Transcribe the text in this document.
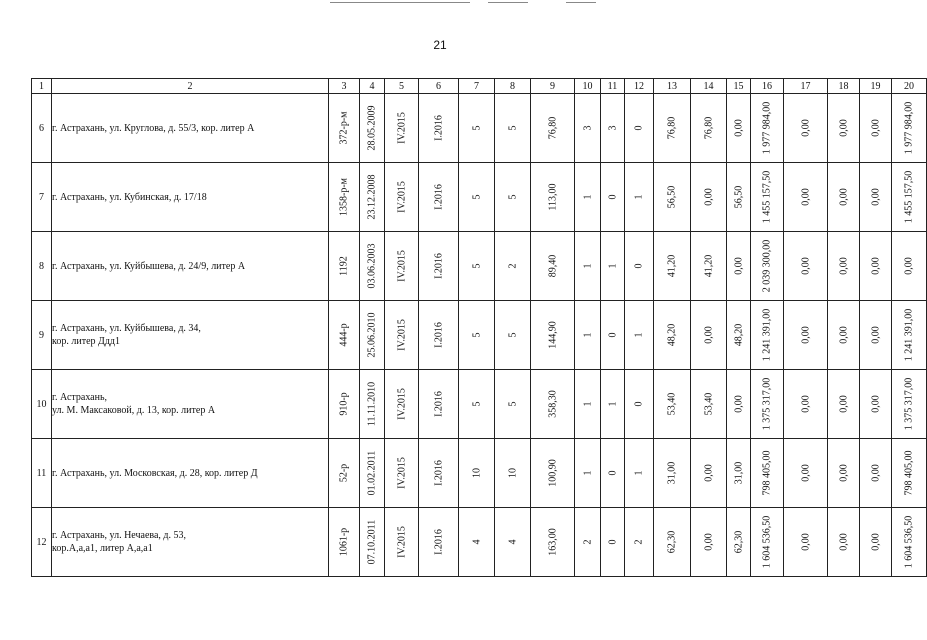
21
1	2	3	4	5	6	7	8	9	10	11	12	13	14	15	16	17	18	19	20
6	г. Астрахань, ул. Круглова, д. 55/3, кор. литер А	372-р-м	28.05.2009	IV.2015	I.2016	5	5	76,80	3	3	0	76,80	76,80	0,00	1 977 984,00	0,00	0,00	0,00	1 977 984,00

7	г. Астрахань, ул. Кубинская, д. 17/18	1358-р-м	23.12.2008	IV.2015	I.2016	5	5	113,00	1	0	1	56,50	0,00	56,50	1 455 157,50	0,00	0,00	0,00	1 455 157,50

8	г. Астрахань, ул. Куйбышева, д. 24/9, литер А	1192	03.06.2003	IV.2015	I.2016	5	2	89,40	1	1	0	41,20	41,20	0,00	2 039 300,00	0,00	0,00	0,00	0,00

9	г. Астрахань, ул. Куйбышева, д. 34,
кор. литер Ддд1	444-р	25.06.2010	IV.2015	I.2016	5	5	144,90	1	0	1	48,20	0,00	48,20	1 241 391,00	0,00	0,00	0,00	1 241 391,00

10	г. Астрахань,
ул. М. Максаковой, д. 13, кор. литер А	910-р	11.11.2010	IV.2015	I.2016	5	5	358,30	1	1	0	53,40	53,40	0,00	1 375 317,00	0,00	0,00	0,00	1 375 317,00

11	г. Астрахань, ул. Московская, д. 28, кор. литер Д	52-р	01.02.2011	IV.2015	I.2016	10	10	100,90	1	0	1	31,00	0,00	31,00	798 405,00	0,00	0,00	0,00	798 405,00

12	г. Астрахань, ул. Нечаева, д. 53,
кор.А,а,а1, литер А,а,а1	1061-р	07.10.2011	IV.2015	I.2016	4	4	163,00	2	0	2	62,30	0,00	62,30	1 604 536,50	0,00	0,00	0,00	1 604 536,50
